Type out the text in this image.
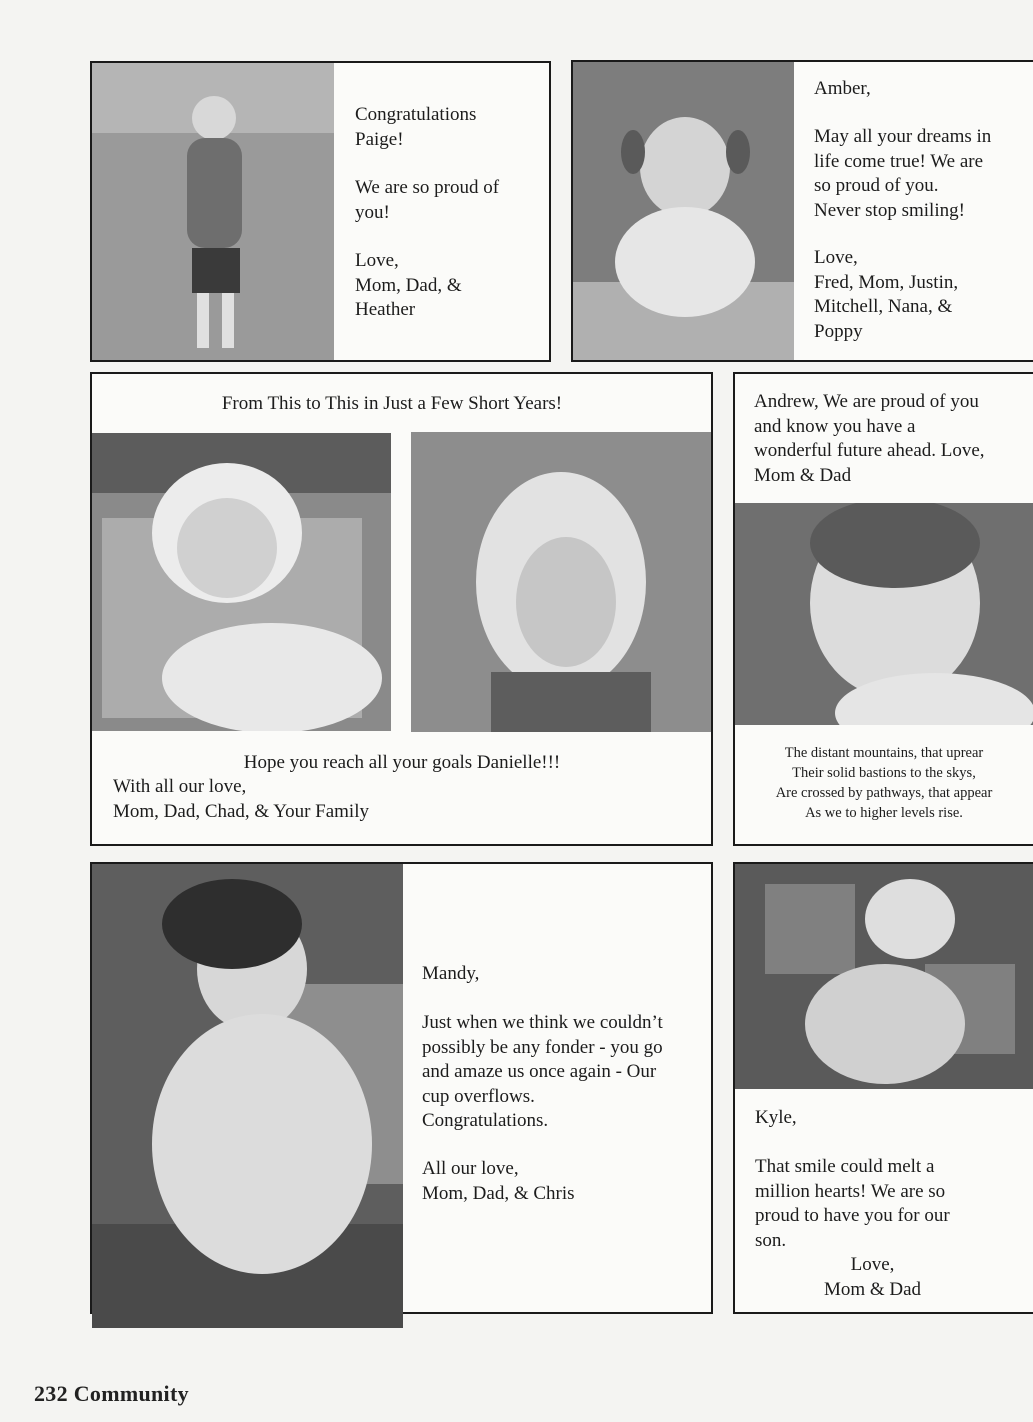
Congratulations
Paige!
We are so proud of
you!
Love,
Mom, Dad, &
Heather
Amber,
May all your dreams in
life come true! We are
so proud of you.
Never stop smiling!
Love,
Fred, Mom, Justin,
Mitchell, Nana, &
Poppy
From This to This in Just a Few Short Years!
Hope you reach all your goals Danielle!!!
With all our love,
Mom, Dad, Chad, & Your Family
Andrew, We are proud of you
and know you have a
wonderful future ahead. Love,
Mom & Dad
The distant mountains, that uprear
Their solid bastions to the skys,
Are crossed by pathways, that appear
As we to higher levels rise.
Mandy,
Just when we think we couldn’t
possibly be any fonder - you go
and amaze us once again - Our
cup overflows.
Congratulations.
All our love,
Mom, Dad, & Chris
Kyle,
That smile could melt a
million hearts! We are so
proud to have you for our
son.
Love,
Mom & Dad
232 Community
